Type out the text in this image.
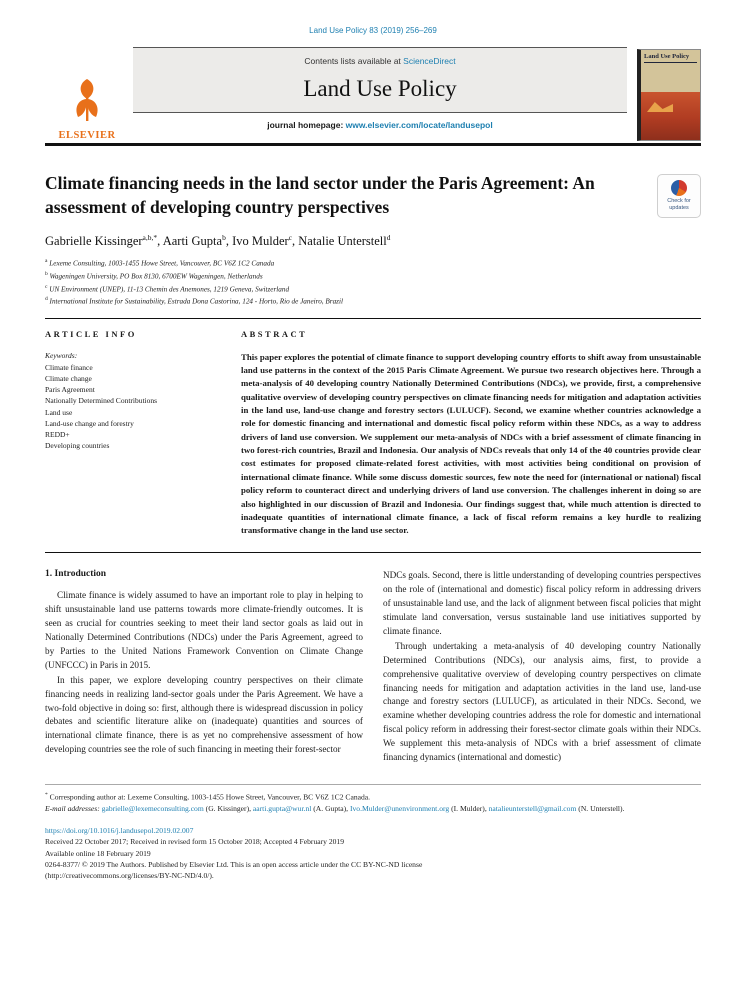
Land Use Policy 83 (2019) 256–269
ELSEVIER
Contents lists available at ScienceDirect
Land Use Policy
journal homepage: www.elsevier.com/locate/landusepol
Land Use Policy
Climate financing needs in the land sector under the Paris Agreement: An assessment of developing country perspectives	Check for
updates
Gabrielle Kissinger$^{a,b,*}$, Aarti Gupta$^b$, Ivo Mulder$^c$, Natalie Unterstell$^d$
$^a$ Lexeme Consulting, 1003-1455 Howe Street, Vancouver, BC V6Z 1C2 Canada
$^b$ Wageningen University, PO Box 8130, 6700EW Wageningen, Netherlands
$^c$ UN Environment (UNEP), 11-13 Chemin des Anemones, 1219 Geneva, Switzerland
$^d$ International Institute for Sustainability, Estrada Dona Castorina, 124 - Horto, Rio de Janeiro, Brazil
ARTICLE INFO
Keywords:
Climate finance
Climate change
Paris Agreement
Nationally Determined Contributions
Land use
Land-use change and forestry
REDD+
Developing countries
ABSTRACT
This paper explores the potential of climate finance to support developing country efforts to shift away from unsustainable land use patterns in the context of the 2015 Paris Climate Agreement. We pursue two research objectives here. Through a meta-analysis of 40 developing country Nationally Determined Contributions (NDCs), we provide, first, a comprehensive qualitative overview of developing country perspectives on climate financing needs for mitigation and adaptation activities in the land use, land-use change and forestry sectors (LULUCF). Second, we examine whether countries acknowledge a role for domestic financing and international and domestic fiscal policy reform within these NDCs, as a way to address drivers of land use conversion. We supplement our meta-analysis of NDCs with a brief assessment of climate financing in two forest-rich countries, Brazil and Indonesia. Our analysis of NDCs reveals that only 14 of the 40 countries provide clear cost estimates for proposed climate-related forest activities, with most activities being conditional on provision of international climate finance. While some discuss domestic sources, few note the need for (international or national) fiscal policy reform to counteract direct and underlying drivers of land use conversion. The challenges inherent in doing so are also highlighted in our discussion of Brazil and Indonesia. Our findings suggest that, while much attention is directed to inadequate quantities of international climate finance, a lack of fiscal reform remains a key hurdle to realizing transformative change in the land use sector.
1. Introduction

Climate finance is widely assumed to have an important role to play in helping to shift unsustainable land use patterns towards more climate-friendly outcomes. It is seen as crucial for countries seeking to meet their land sector goals as laid out in Nationally Determined Contributions (NDCs) under the Paris Agreement, agreed to by Parties to the United Nations Framework Convention on Climate Change (UNFCCC) in Paris in 2015.

In this paper, we explore developing country perspectives on their climate financing needs in realizing land-sector goals under the Paris Agreement. We have a two-fold objective in doing so: first, although there is widespread discussion in policy debates and scientific literature alike on (inadequate) quantities and sources of international climate finance, there is as yet no comprehensive assessment of how developing countries see the role of such financing in meeting their forest-sector

NDCs goals. Second, there is little understanding of developing countries perspectives on the role of (international and domestic) fiscal policy reform in addressing drivers of unsustainable land use, and the lack of alignment between fiscal policies that might stimulate land conversation, versus sustainable land use initiatives supported by climate finance.

Through undertaking a meta-analysis of 40 developing country Nationally Determined Contributions (NDCs), our analysis aims, first, to provide a comprehensive qualitative overview of developing country perspectives on climate financing needs for mitigation and adaptation activities in the land use, land-use change and forestry sectors (LULUCF), as articulated in their NDCs. Second, we examine whether developing countries address the role for domestic and international fiscal policy reform in addressing their forest-sector climate goals within their NDCs. We supplement this meta-analysis of NDCs with a brief assessment of climate financing dynamics (international and domestic)

* Corresponding author at: Lexeme Consulting, 1003-1455 Howe Street, Vancouver, BC V6Z 1C2 Canada.
E-mail addresses: gabrielle@lexemeconsulting.com (G. Kissinger), aarti.gupta@wur.nl (A. Gupta), Ivo.Mulder@unenvironment.org (I. Mulder), natalieunterstell@gmail.com (N. Unterstell).
https://doi.org/10.1016/j.landusepol.2019.02.007
Received 22 October 2017; Received in revised form 15 October 2018; Accepted 4 February 2019
Available online 18 February 2019
0264-8377/ © 2019 The Authors. Published by Elsevier Ltd. This is an open access article under the CC BY-NC-ND license
(http://creativecommons.org/licenses/BY-NC-ND/4.0/).
